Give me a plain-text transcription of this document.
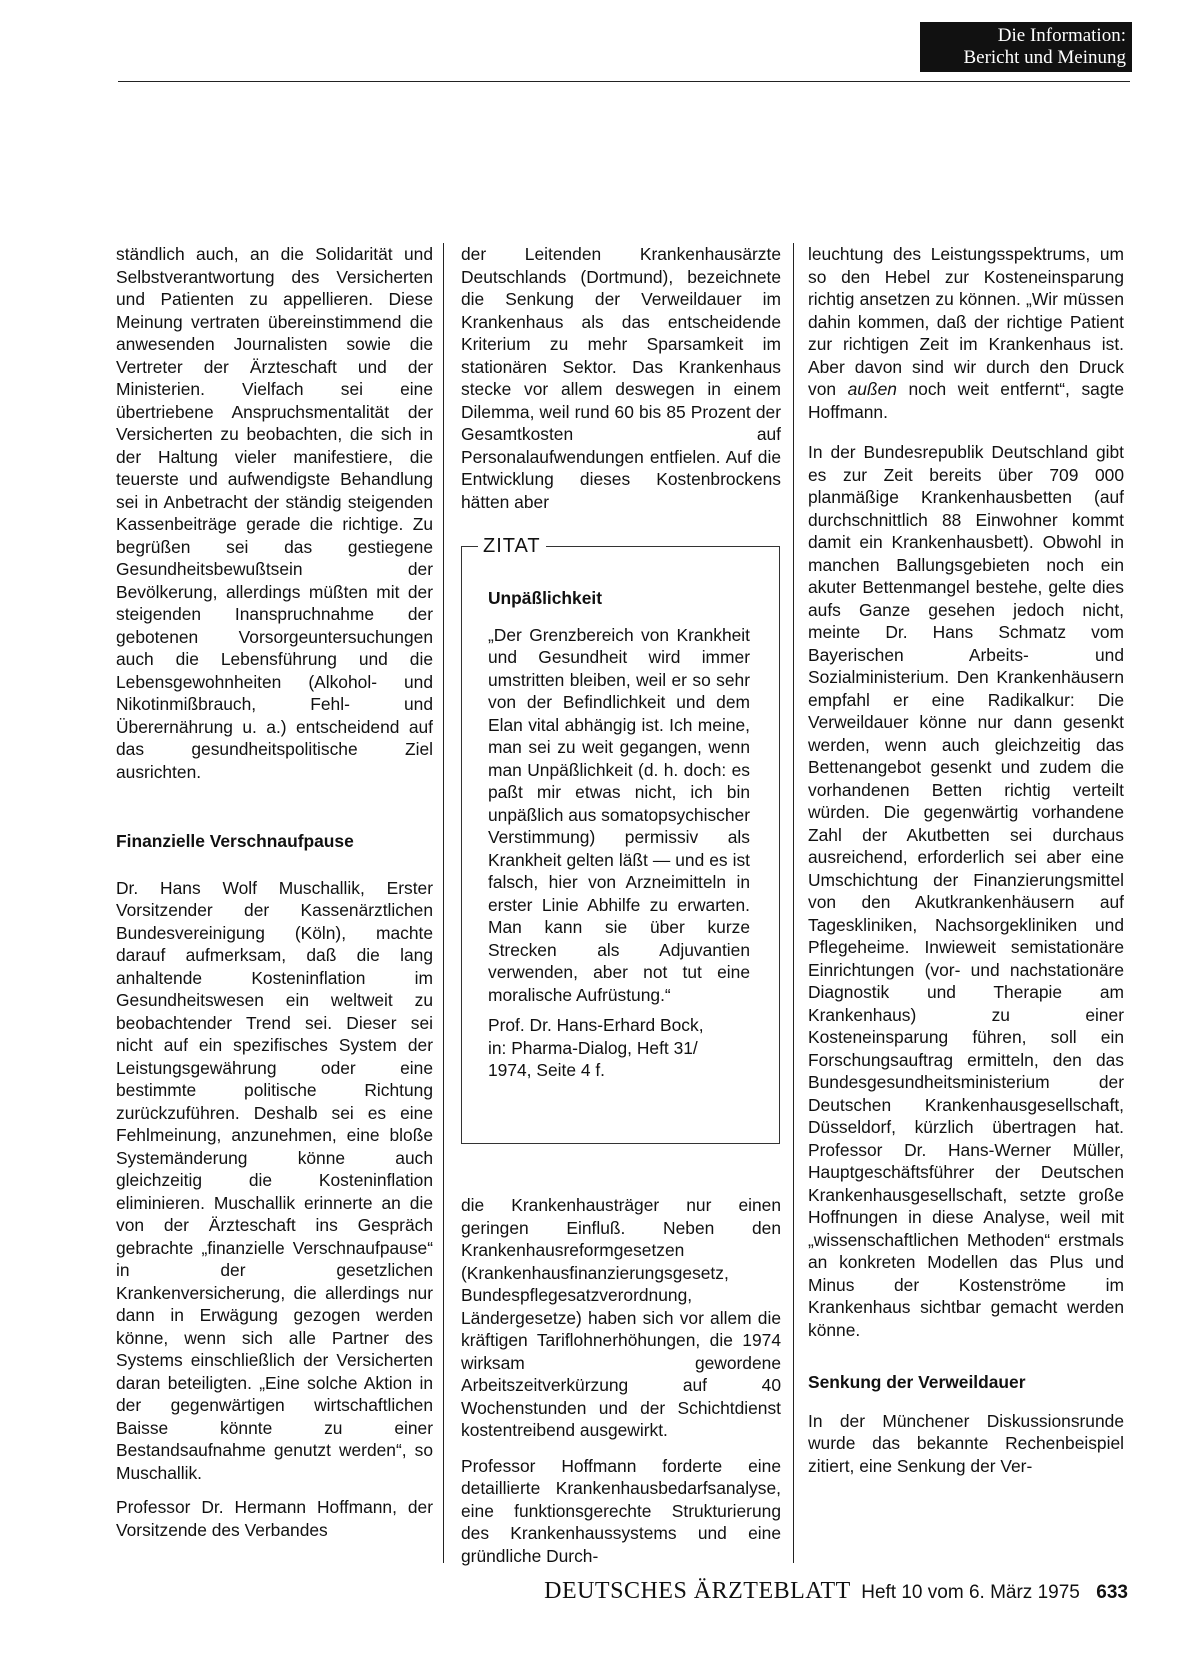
Die Information:
Bericht und Meinung

ständlich auch, an die Solidarität und Selbstverantwortung des Versicherten und Patienten zu appellieren. Diese Meinung vertraten übereinstimmend die anwesenden Journalisten sowie die Vertreter der Ärzteschaft und der Ministerien. Vielfach sei eine übertriebene Anspruchsmentalität der Versicherten zu beobachten, die sich in der Haltung vieler manifestiere, die teuerste und aufwendigste Behandlung sei in Anbetracht der ständig steigenden Kassenbeiträge gerade die richtige. Zu begrüßen sei das gestiegene Gesundheitsbewußtsein der Bevölkerung, allerdings müßten mit der steigenden Inanspruchnahme der gebotenen Vorsorgeuntersuchungen auch die Lebensführung und die Lebensgewohnheiten (Alkohol- und Nikotinmißbrauch, Fehl- und Überernährung u. a.) entscheidend auf das gesundheitspolitische Ziel ausrichten.

Finanzielle Verschnaufpause

Dr. Hans Wolf Muschallik, Erster Vorsitzender der Kassenärztlichen Bundesvereinigung (Köln), machte darauf aufmerksam, daß die lang anhaltende Kosteninflation im Gesundheitswesen ein weltweit zu beobachtender Trend sei. Dieser sei nicht auf ein spezifisches System der Leistungsgewährung oder eine bestimmte politische Richtung zurückzuführen. Deshalb sei es eine Fehlmeinung, anzunehmen, eine bloße Systemänderung könne auch gleichzeitig die Kosteninflation eliminieren. Muschallik erinnerte an die von der Ärzteschaft ins Gespräch gebrachte „finanzielle Verschnaufpause“ in der gesetzlichen Krankenversicherung, die allerdings nur dann in Erwägung gezogen werden könne, wenn sich alle Partner des Systems einschließlich der Versicherten daran beteiligten. „Eine solche Aktion in der gegenwärtigen wirtschaftlichen Baisse könnte zu einer Bestandsaufnahme genutzt werden“, so Muschallik.

Professor Dr. Hermann Hoffmann, der Vorsitzende des Verbandes

der Leitenden Krankenhausärzte Deutschlands (Dortmund), bezeichnete die Senkung der Verweildauer im Krankenhaus als das entscheidende Kriterium zu mehr Sparsamkeit im stationären Sektor. Das Krankenhaus stecke vor allem deswegen in einem Dilemma, weil rund 60 bis 85 Prozent der Gesamtkosten auf Personalaufwendungen entfielen. Auf die Entwicklung dieses Kostenbrockens hätten aber

ZITAT

Unpäßlichkeit

„Der Grenzbereich von Krankheit und Gesundheit wird immer umstritten bleiben, weil er so sehr von der Befindlichkeit und dem Elan vital abhängig ist. Ich meine, man sei zu weit gegangen, wenn man Unpäßlichkeit (d. h. doch: es paßt mir etwas nicht, ich bin unpäßlich aus somatopsychischer Verstimmung) permissiv als Krankheit gelten läßt — und es ist falsch, hier von Arzneimitteln in erster Linie Abhilfe zu erwarten. Man kann sie über kurze Strecken als Adjuvantien verwenden, aber not tut eine moralische Aufrüstung.“

Prof. Dr. Hans-Erhard Bock,
in: Pharma-Dialog, Heft 31/
1974, Seite 4 f.

die Krankenhausträger nur einen geringen Einfluß. Neben den Krankenhausreformgesetzen (Krankenhausfinanzierungsgesetz, Bundespflegesatzverordnung, Ländergesetze) haben sich vor allem die kräftigen Tariflohnerhöhungen, die 1974 wirksam gewordene Arbeitszeitverkürzung auf 40 Wochenstunden und der Schichtdienst kostentreibend ausgewirkt.

Professor Hoffmann forderte eine detaillierte Krankenhausbedarfsanalyse, eine funktionsgerechte Strukturierung des Krankenhaussystems und eine gründliche Durch-

leuchtung des Leistungsspektrums, um so den Hebel zur Kosteneinsparung richtig ansetzen zu können. „Wir müssen dahin kommen, daß der richtige Patient zur richtigen Zeit im Krankenhaus ist. Aber davon sind wir durch den Druck von außen noch weit entfernt“, sagte Hoffmann.

In der Bundesrepublik Deutschland gibt es zur Zeit bereits über 709 000 planmäßige Krankenhausbetten (auf durchschnittlich 88 Einwohner kommt damit ein Krankenhausbett). Obwohl in manchen Ballungsgebieten noch ein akuter Bettenmangel bestehe, gelte dies aufs Ganze gesehen jedoch nicht, meinte Dr. Hans Schmatz vom Bayerischen Arbeits- und Sozialministerium. Den Krankenhäusern empfahl er eine Radikalkur: Die Verweildauer könne nur dann gesenkt werden, wenn auch gleichzeitig das Bettenangebot gesenkt und zudem die vorhandenen Betten richtig verteilt würden. Die gegenwärtig vorhandene Zahl der Akutbetten sei durchaus ausreichend, erforderlich sei aber eine Umschichtung der Finanzierungsmittel von den Akutkrankenhäusern auf Tageskliniken, Nachsorgekliniken und Pflegeheime. Inwieweit semistationäre Einrichtungen (vor- und nachstationäre Diagnostik und Therapie am Krankenhaus) zu einer Kosteneinsparung führen, soll ein Forschungsauftrag ermitteln, den das Bundesgesundheitsministerium der Deutschen Krankenhausgesellschaft, Düsseldorf, kürzlich übertragen hat. Professor Dr. Hans-Werner Müller, Hauptgeschäftsführer der Deutschen Krankenhausgesellschaft, setzte große Hoffnungen in diese Analyse, weil mit „wissenschaftlichen Methoden“ erstmals an konkreten Modellen das Plus und Minus der Kostenströme im Krankenhaus sichtbar gemacht werden könne.

Senkung der Verweildauer

In der Münchener Diskussionsrunde wurde das bekannte Rechenbeispiel zitiert, eine Senkung der Ver-

DEUTSCHES ÄRZTEBLATT Heft 10 vom 6. März 1975 633
